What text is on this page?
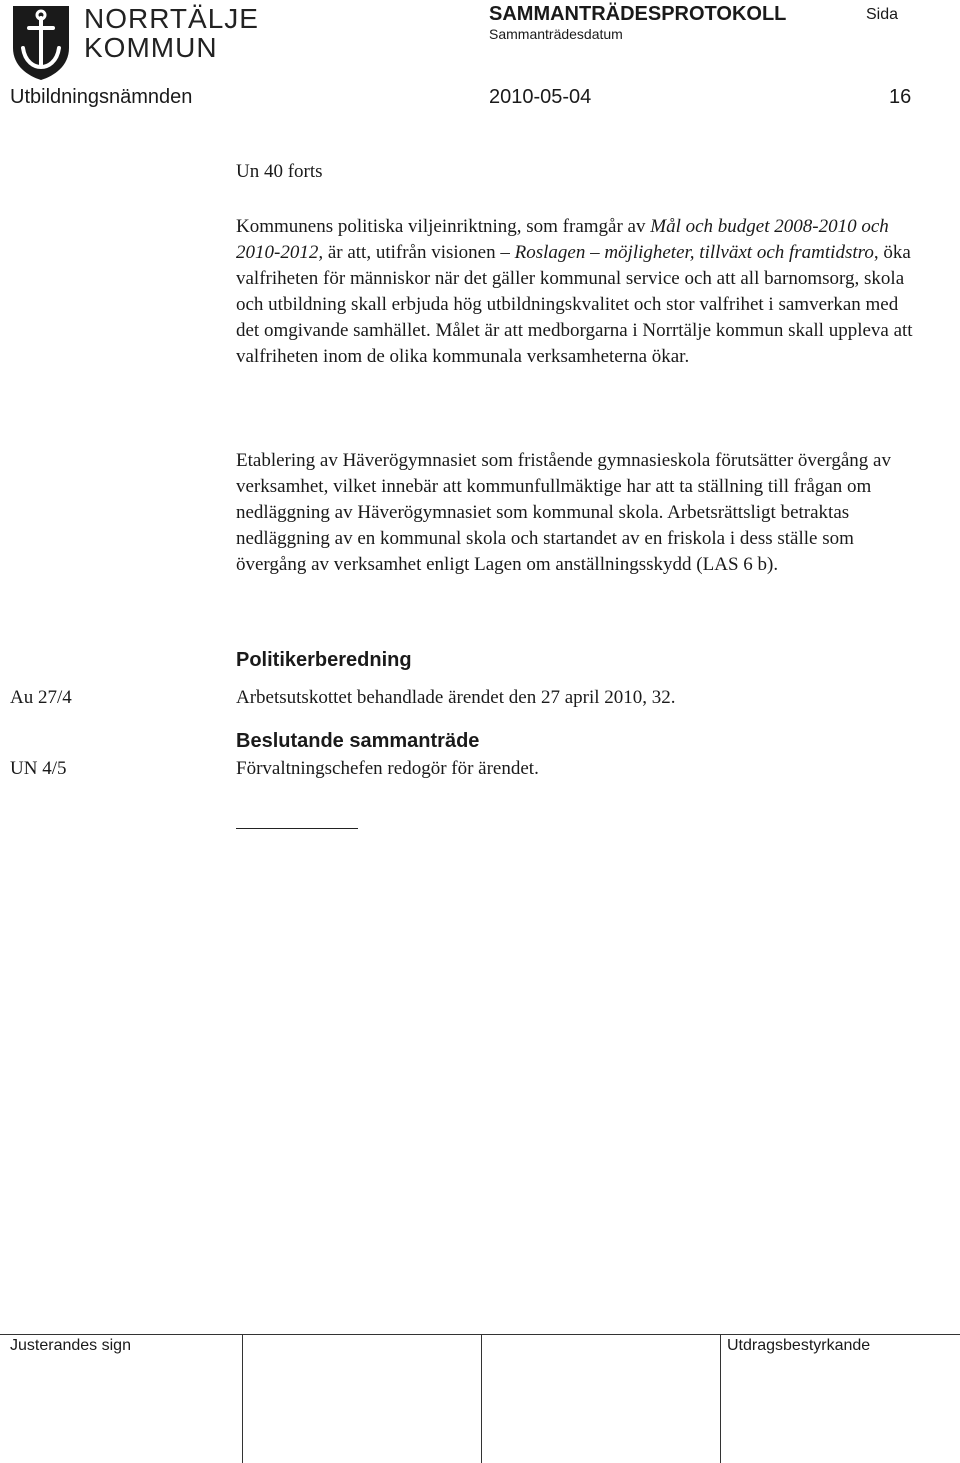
NORRTÄLJE
KOMMUN
SAMMANTRÄDESPROTOKOLL	Sida
Sammanträdesdatum
Utbildningsnämnden	2010-05-04	16
Un 40 forts

Kommunens politiska viljeinriktning, som framgår av Mål och budget 2008-2010 och 2010-2012, är att, utifrån visionen – Roslagen – möjligheter, tillväxt och framtidstro, öka valfriheten för människor när det gäller kommunal service och att all barnomsorg, skola och utbildning skall erbjuda hög utbildningskvalitet och stor valfrihet i samverkan med det omgivande samhället. Målet är att medborgarna i Norrtälje kommun skall uppleva att valfriheten inom de olika kommunala verksamheterna ökar.

Etablering av Häverögymnasiet som fristående gymnasieskola förutsätter övergång av verksamhet, vilket innebär att kommunfullmäktige har att ta ställning till frågan om nedläggning av Häverögymnasiet som kommunal skola. Arbetsrättsligt betraktas nedläggning av en kommunal skola och startandet av en friskola i dess ställe som övergång av verksamhet enligt Lagen om anställningsskydd (LAS 6 b).

Politikerberedning
Au 27/4	Arbetsutskottet behandlade ärendet den 27 april 2010, 32.
Beslutande sammanträde
UN 4/5	Förvaltningschefen redogör för ärendet.
Justerandes sign	Utdragsbestyrkande
